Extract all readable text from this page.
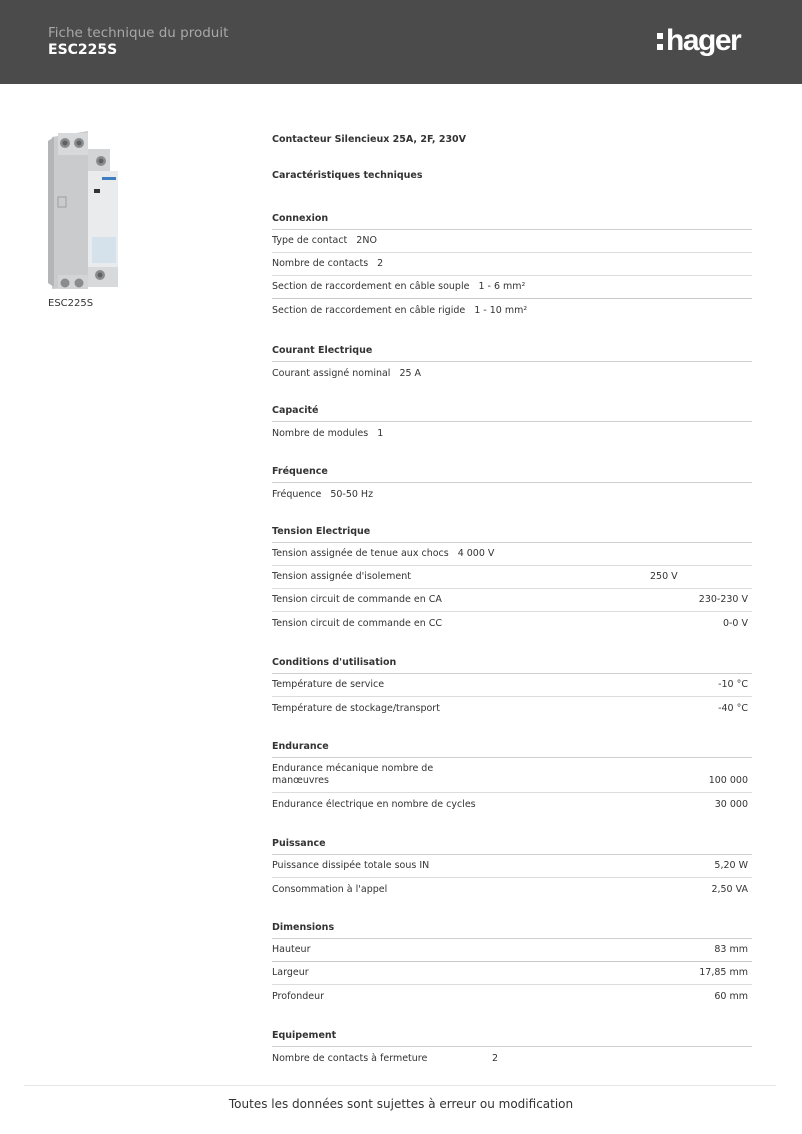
Fiche technique du produit
ESC225S	hager
ESC225S
Contacteur Silencieux 25A, 2F, 230V
Caractéristiques techniques
Connexion
Type de contact 2NO
Nombre de contacts 2
Section de raccordement en câble souple 1 - 6 mm²
Section de raccordement en câble rigide 1 - 10 mm²
Courant Electrique
Courant assigné nominal 25 A
Capacité
Nombre de modules 1
Fréquence
Fréquence 50-50 Hz
Tension Electrique
Tension assignée de tenue aux chocs 4 000 V
Tension assignée d'isolement	250 V
Tension circuit de commande en CA	230-230 V
Tension circuit de commande en CC	0-0 V
Conditions d'utilisation
Température de service	-10 °C
Température de stockage/transport	-40 °C
Endurance
Endurance mécanique nombre de manœuvres	100 000
Endurance électrique en nombre de cycles	30 000
Puissance
Puissance dissipée totale sous IN	5,20 W
Consommation à l'appel	2,50 VA
Dimensions
Hauteur	83 mm
Largeur	17,85 mm
Profondeur	60 mm
Equipement
Nombre de contacts à fermeture	2
Toutes les données sont sujettes à erreur ou modification
